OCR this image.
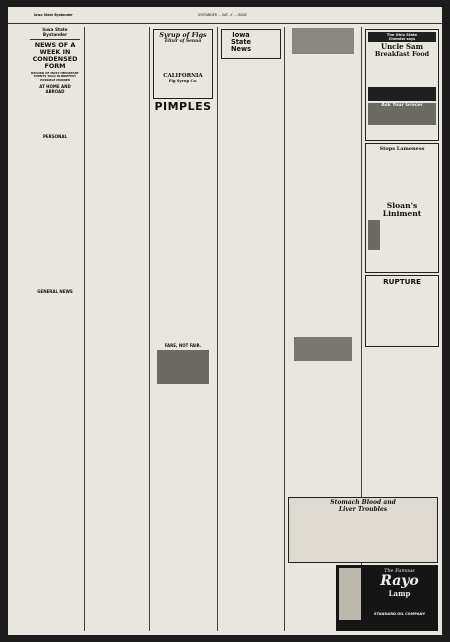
Iowa State Bystander	SYSTANDER ... SAT...Y ... ISSUE
Iowa State Bystander
NEWS OF A WEEK IN
CONDENSED FORM
RECORD OF MOST IMPORTANT EVENTS TOLD IN BRIEFEST POSSIBLE MANNER
AT HOME AND ABROAD
PERSONAL
GENERAL NEWS
Syrup of Figs
Elixir of Senna
CALIFORNIA
Fig Syrup Co.
PIMPLES
FARE, NOT FAIR.
Iowa State
News
The Ohio State
Chemist says
Uncle Sam
Breakfast Food
Ask Your Grocer
Stops Lameness
Sloan's
Liniment
RUPTURE
Stomach Blood and
Liver Troubles
The Famous
Rayo
Lamp
STANDARD OIL COMPANY
